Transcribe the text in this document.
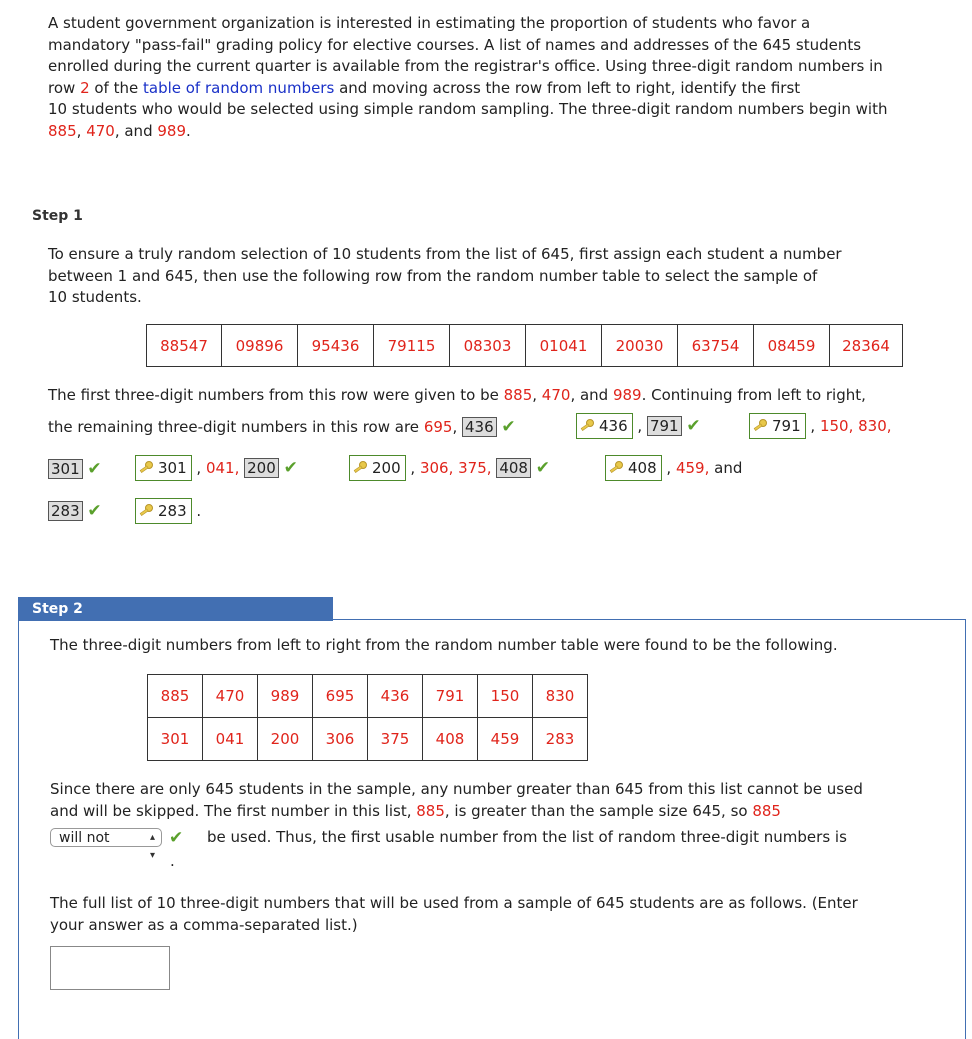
A student government organization is interested in estimating the proportion of students who favor a
mandatory "pass-fail" grading policy for elective courses. A list of names and addresses of the 645 students
enrolled during the current quarter is available from the registrar's office. Using three-digit random numbers in
row 2 of the table of random numbers and moving across the row from left to right, identify the first
10 students who would be selected using simple random sampling. The three-digit random numbers begin with
885, 470, and 989.
Step 1
To ensure a truly random selection of 10 students from the list of 645, first assign each student a number
between 1 and 645, then use the following row from the random number table to select the sample of
10 students.
88547	09896	95436	79115	08303	01041	20030	63754	08459	28364
The first three-digit numbers from this row were given to be 885, 470, and 989. Continuing from left to right,
the remaining three-digit numbers in this row are 695, 436 ✔	436 , 791 ✔	791 , 150, 830,
301 ✔	301 , 041, 200 ✔	200 , 306, 375, 408 ✔	408 , 459, and
283 ✔	283 .
Step 2
The three-digit numbers from left to right from the random number table were found to be the following.
885	470	989	695	436	791	150	830
301	041	200	306	375	408	459	283
Since there are only 645 students in the sample, any number greater than 645 from this list cannot be used
and will be skipped. The first number in this list, 885, is greater than the sample size 645, so 885
will not	▴
▾
✔ be used. Thus, the first usable number from the list of random three-digit numbers is
.
The full list of 10 three-digit numbers that will be used from a sample of 645 students are as follows. (Enter
your answer as a comma-separated list.)
